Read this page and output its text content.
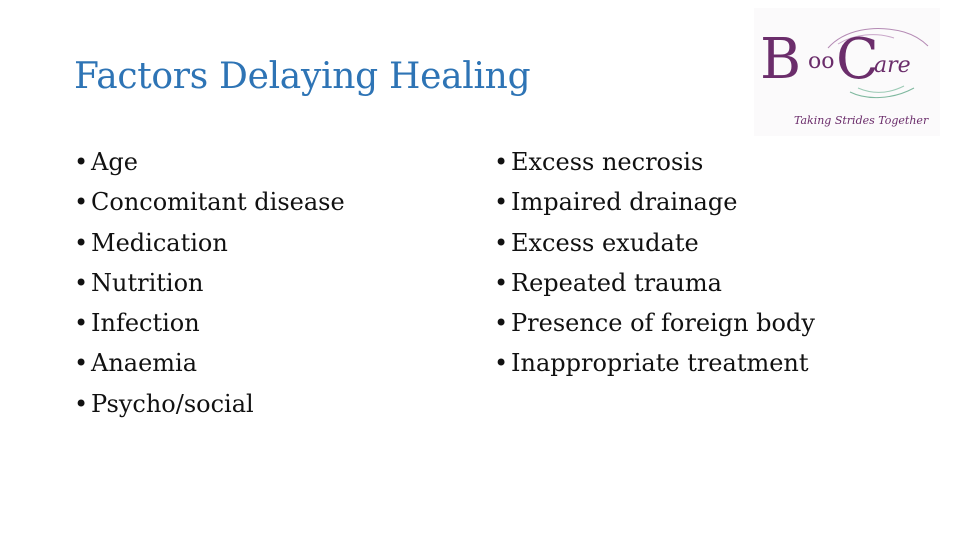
Factors Delaying Healing
• Age
• Concomitant disease
• Medication
• Nutrition
• Infection
• Anaemia
• Psycho/social
• Excess necrosis
• Impaired drainage
• Excess exudate
• Repeated trauma
• Presence of foreign body
• Inappropriate treatment
B oo C
are
Taking Strides Together
